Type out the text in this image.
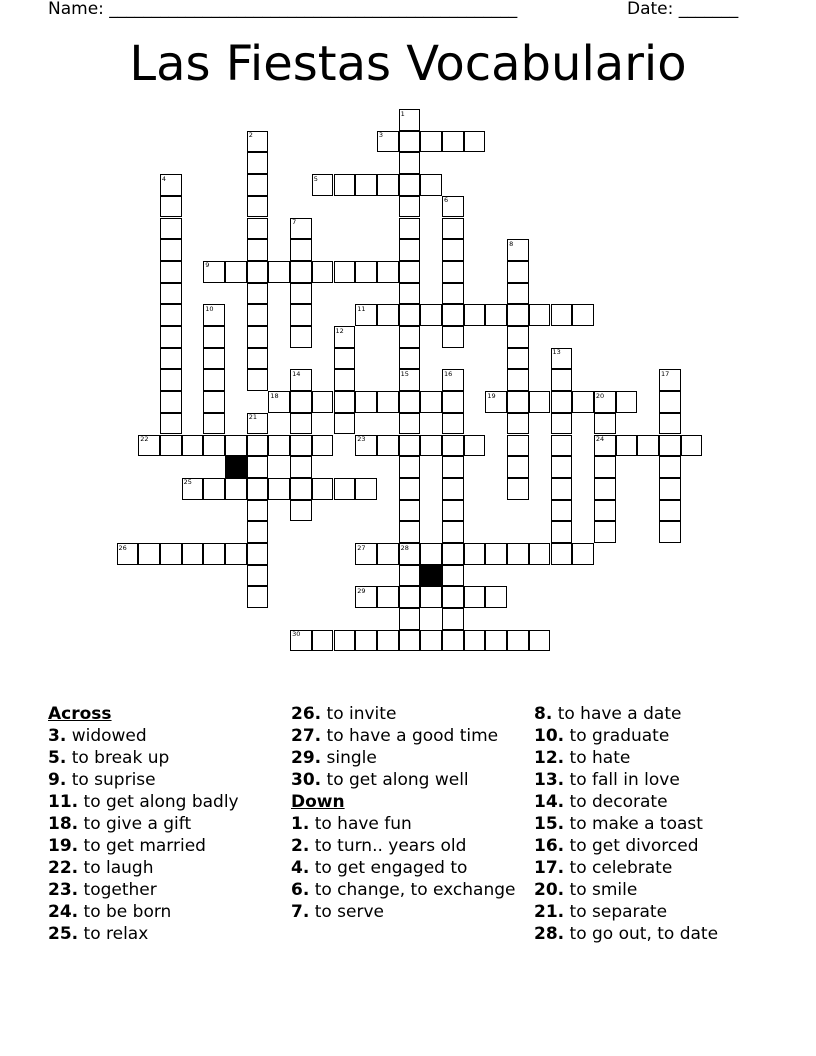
Name: ________________________________________________	Date: _______
Las Fiestas Vocabulario
1
2	3
4	5
6
7
8
9
10	11
12
13
14	15	16	17
18	19	20
21
22	23	24
25
26	27	28
29
30
Across
3. widowed
5. to break up
9. to suprise
11. to get along badly
18. to give a gift
19. to get married
22. to laugh
23. together
24. to be born
25. to relax
26. to invite
27. to have a good time
29. single
30. to get along well
Down
1. to have fun
2. to turn.. years old
4. to get engaged to
6. to change, to exchange
7. to serve
8. to have a date
10. to graduate
12. to hate
13. to fall in love
14. to decorate
15. to make a toast
16. to get divorced
17. to celebrate
20. to smile
21. to separate
28. to go out, to date
